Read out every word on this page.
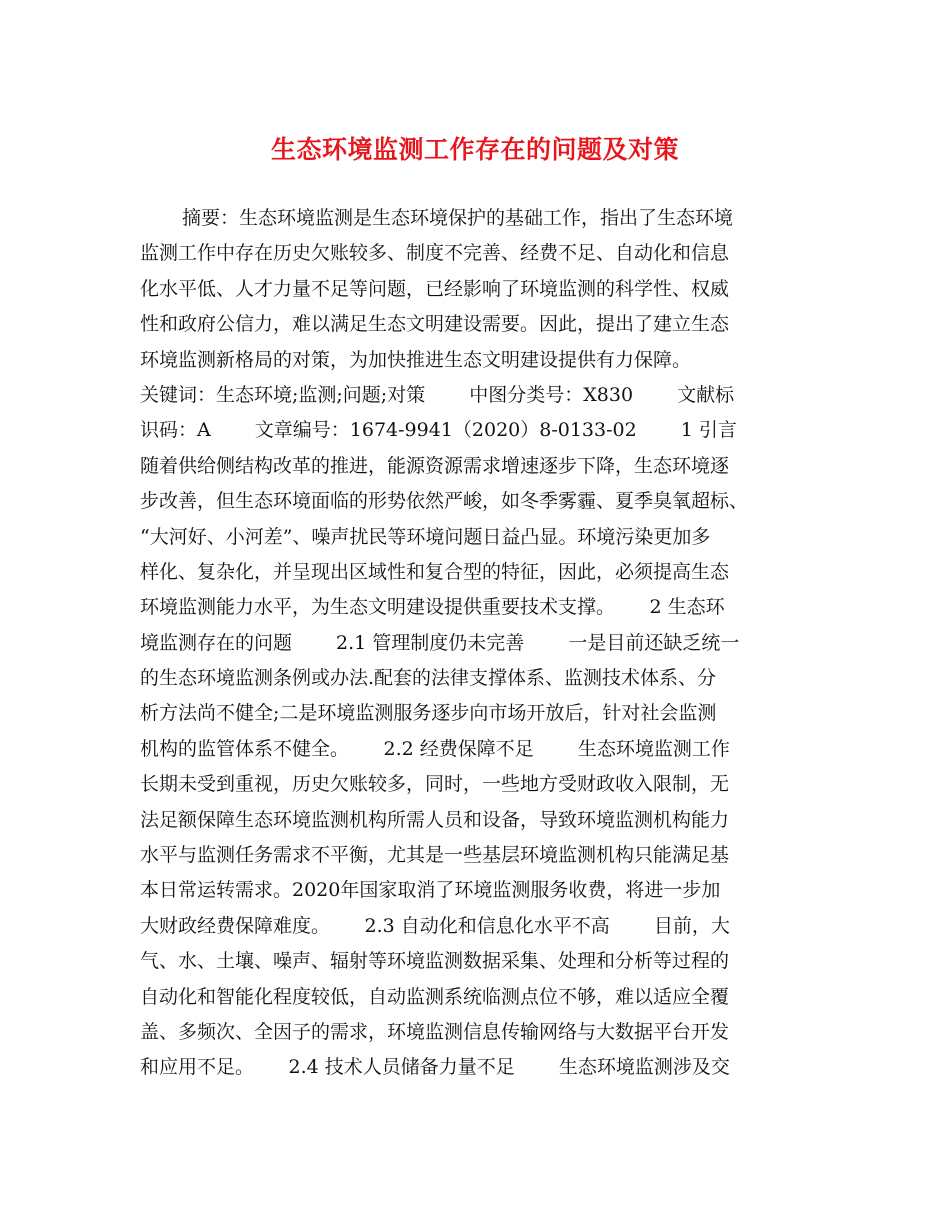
生态环境监测工作存在的问题及对策
摘要：生态环境监测是生态环境保护的基础工作，指出了生态环境
监测工作中存在历史欠账较多、制度不完善、经费不足、自动化和信息
化水平低、人才力量不足等问题，已经影响了环境监测的科学性、权威
性和政府公信力，难以满足生态文明建设需要。因此，提出了建立生态
环境监测新格局的对策，为加快推进生态文明建设提供有力保障。
关键词：生态环境;监测;问题;对策　　 中图分类号：X830　　 文献标
识码：A　　 文章编号：1674-9941（2020）8-0133-02　　 1 引言
随着供给侧结构改革的推进，能源资源需求增速逐步下降，生态环境逐
步改善，但生态环境面临的形势依然严峻，如冬季雾霾、夏季臭氧超标、
“大河好、小河差”、噪声扰民等环境问题日益凸显。环境污染更加多
样化、复杂化，并呈现出区域性和复合型的特征，因此，必须提高生态
环境监测能力水平，为生态文明建设提供重要技术支撑。　　 2 生态环
境监测存在的问题　　 2.1 管理制度仍未完善　　 一是目前还缺乏统一
的生态环境监测条例或办法.配套的法律支撑体系、监测技术体系、分
析方法尚不健全;二是环境监测服务逐步向市场开放后，针对社会监测
机构的监管体系不健全。　　 2.2 经费保障不足　　 生态环境监测工作
长期未受到重视，历史欠账较多，同时，一些地方受财政收入限制，无
法足额保障生态环境监测机构所需人员和设备，导致环境监测机构能力
水平与监测任务需求不平衡，尤其是一些基层环境监测机构只能满足基
本日常运转需求。2020年国家取消了环境监测服务收费，将进一步加
大财政经费保障难度。　　 2.3 自动化和信息化水平不高　　 目前，大
气、水、土壤、噪声、辐射等环境监测数据采集、处理和分析等过程的
自动化和智能化程度较低，自动监测系统临测点位不够，难以适应全覆
盖、多频次、全因子的需求，环境监测信息传输网络与大数据平台开发
和应用不足。　　 2.4 技术人员储备力量不足　　 生态环境监测涉及交
